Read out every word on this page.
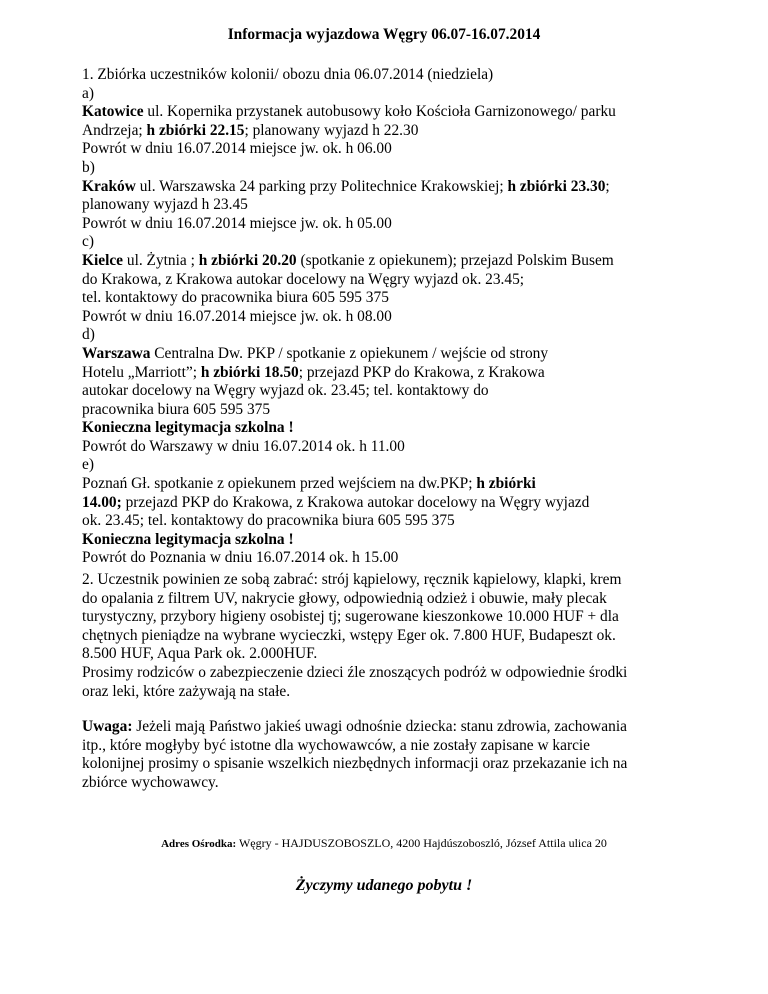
Informacja wyjazdowa Węgry 06.07-16.07.2014
1. Zbiórka uczestników kolonii/ obozu dnia 06.07.2014 (niedziela)
a)
Katowice ul. Kopernika przystanek autobusowy koło Kościoła Garnizonowego/ parku
Andrzeja; h zbiórki 22.15; planowany wyjazd h 22.30
Powrót w dniu 16.07.2014 miejsce jw. ok. h 06.00
b)
Kraków ul. Warszawska 24 parking przy Politechnice Krakowskiej; h zbiórki 23.30;
planowany wyjazd h 23.45
Powrót w dniu 16.07.2014 miejsce jw. ok. h 05.00
c)
Kielce ul. Żytnia ; h zbiórki 20.20 (spotkanie z opiekunem); przejazd Polskim Busem
do Krakowa, z Krakowa autokar docelowy na Węgry wyjazd ok. 23.45;
tel. kontaktowy do pracownika biura 605 595 375
Powrót w dniu 16.07.2014 miejsce jw. ok. h 08.00
d)
Warszawa Centralna Dw. PKP / spotkanie z opiekunem / wejście od strony
Hotelu „Marriott”; h zbiórki 18.50; przejazd PKP do Krakowa, z Krakowa
autokar docelowy na Węgry wyjazd ok. 23.45; tel. kontaktowy do
pracownika biura 605 595 375
Konieczna legitymacja szkolna !
Powrót do Warszawy w dniu 16.07.2014 ok. h 11.00
e)
Poznań Gł. spotkanie z opiekunem przed wejściem na dw.PKP; h zbiórki
14.00; przejazd PKP do Krakowa, z Krakowa autokar docelowy na Węgry wyjazd
ok. 23.45; tel. kontaktowy do pracownika biura 605 595 375
Konieczna legitymacja szkolna !
Powrót do Poznania w dniu 16.07.2014 ok. h 15.00
2. Uczestnik powinien ze sobą zabrać: strój kąpielowy, ręcznik kąpielowy, klapki, krem
do opalania z filtrem UV, nakrycie głowy, odpowiednią odzież i obuwie, mały plecak
turystyczny, przybory higieny osobistej tj; sugerowane kieszonkowe 10.000 HUF + dla
chętnych pieniądze na wybrane wycieczki, wstępy Eger ok. 7.800 HUF, Budapeszt ok.
8.500 HUF, Aqua Park ok. 2.000HUF.
Prosimy rodziców o zabezpieczenie dzieci źle znoszących podróż w odpowiednie środki
oraz leki, które zażywają na stałe.
Uwaga: Jeżeli mają Państwo jakieś uwagi odnośnie dziecka: stanu zdrowia, zachowania
itp., które mogłyby być istotne dla wychowawców, a nie zostały zapisane w karcie
kolonijnej prosimy o spisanie wszelkich niezbędnych informacji oraz przekazanie ich na
zbiórce wychowawcy.
Adres Ośrodka: Węgry - HAJDUSZOBOSZLO, 4200 Hajdúszoboszló, József Attila ulica 20
Życzymy udanego pobytu !
